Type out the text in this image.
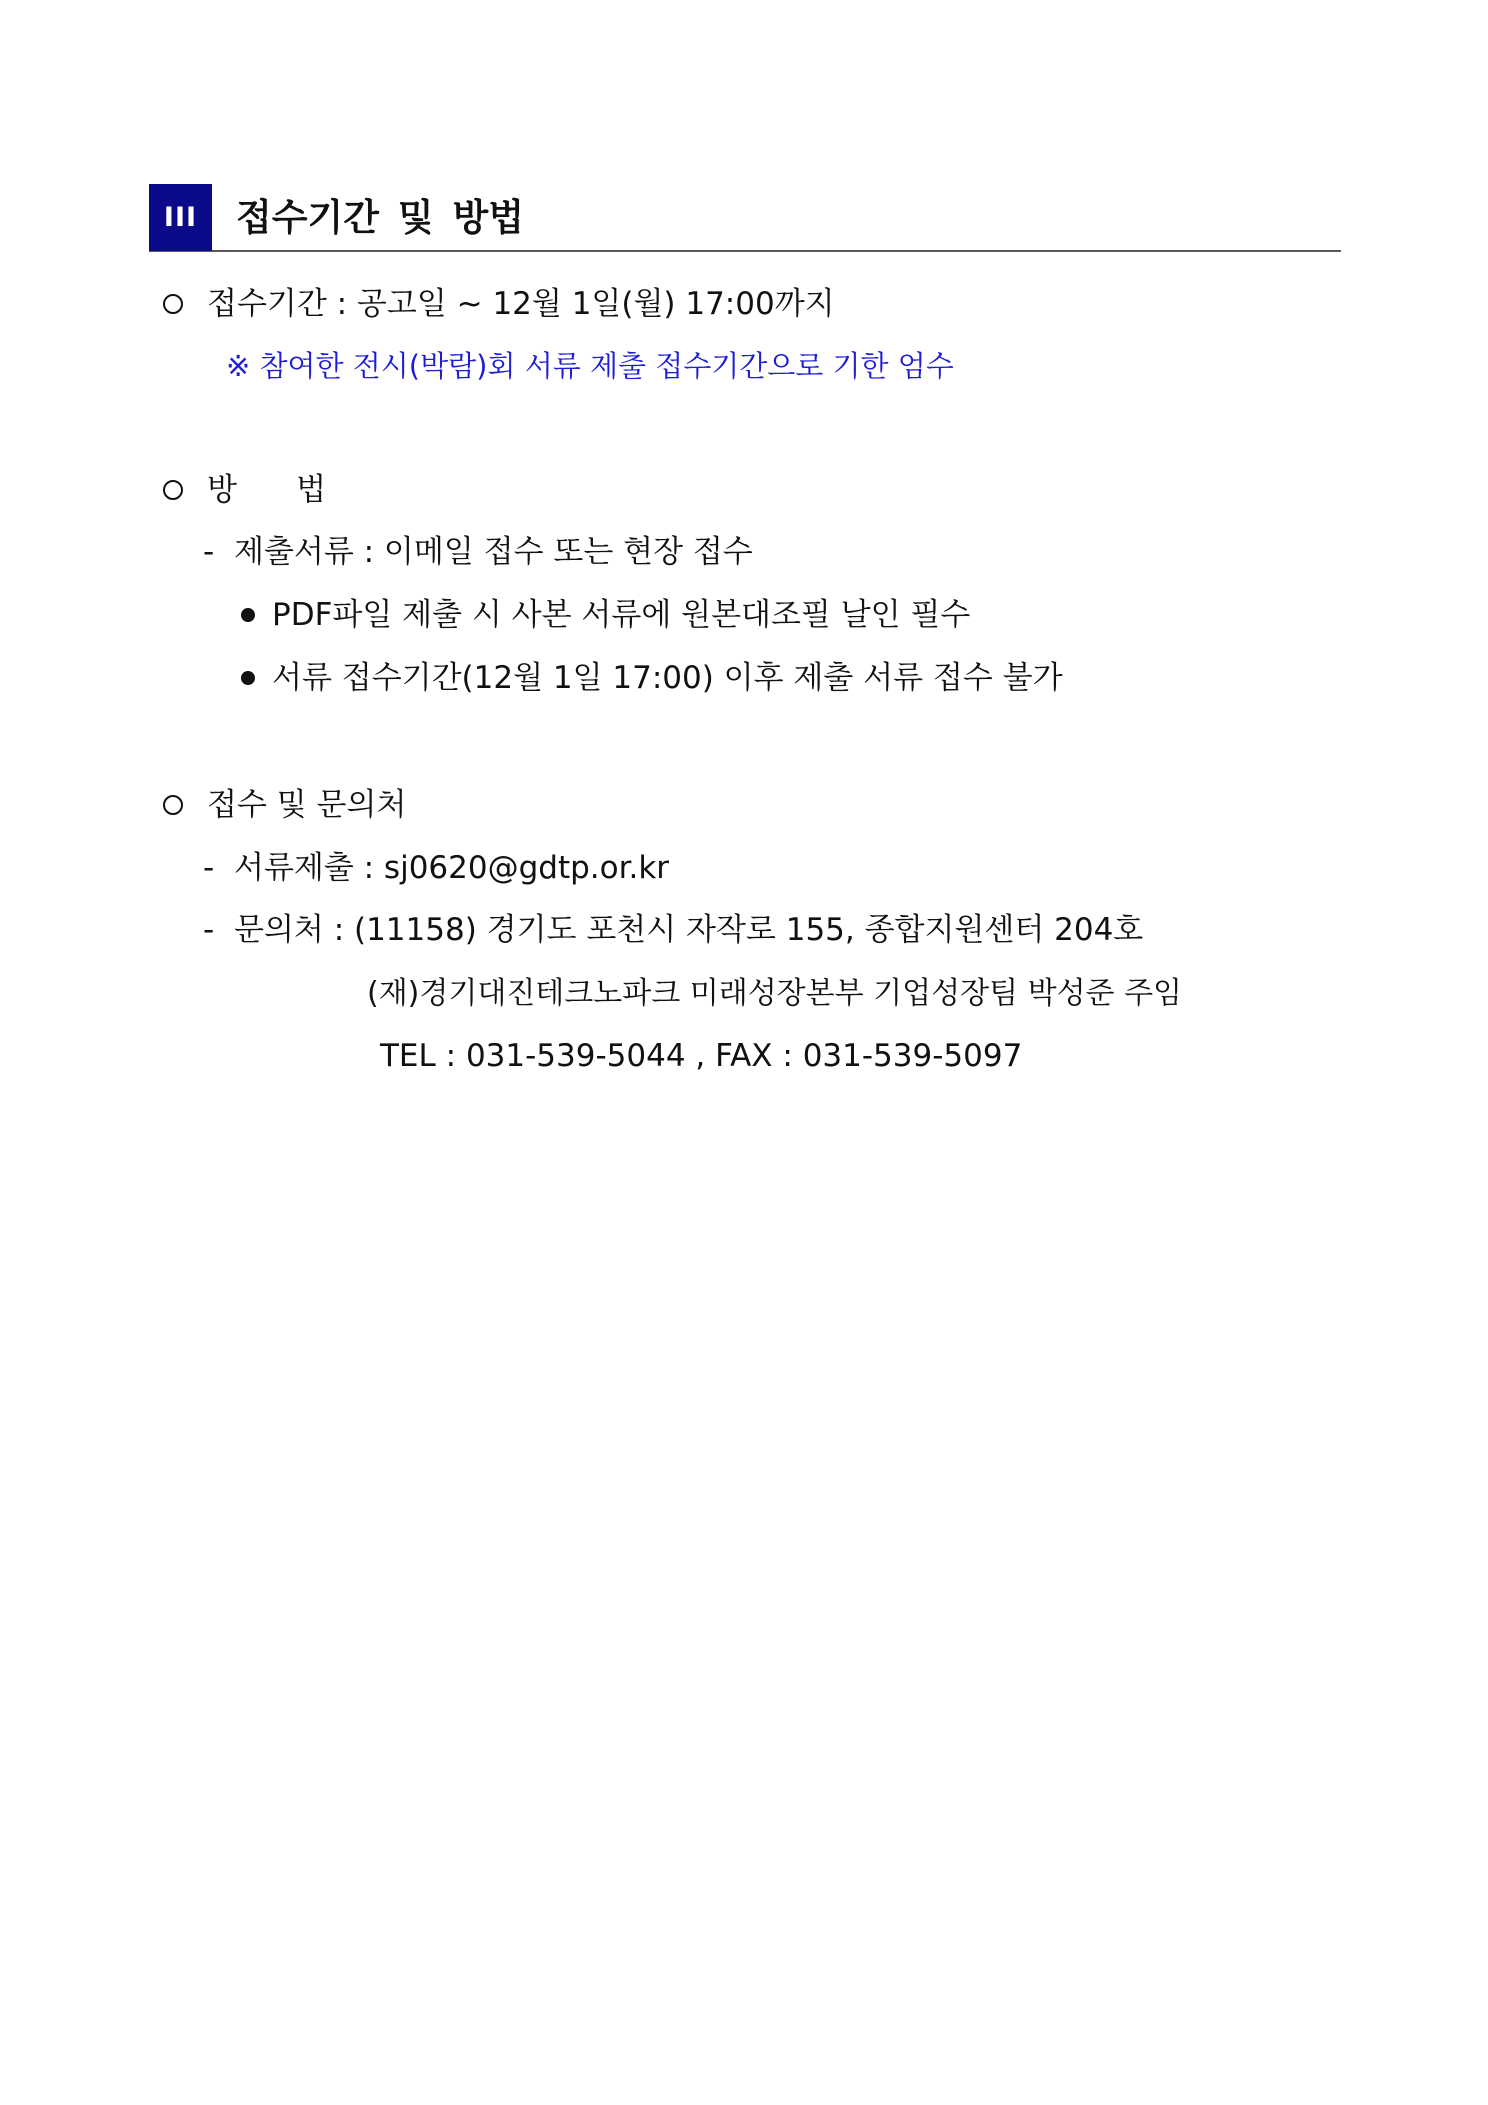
III	접수기간 및 방법
접수기간 : 공고일 ~ 12월 1일(월) 17:00까지
※ 참여한 전시(박람)회 서류 제출 접수기간으로 기한 엄수
방      법
- 제출서류 : 이메일 접수 또는 현장 접수
PDF파일 제출 시 사본 서류에 원본대조필 날인 필수
서류 접수기간(12월 1일 17:00) 이후 제출 서류 접수 불가
접수 및 문의처
- 서류제출 : sj0620@gdtp.or.kr
- 문의처 : (11158) 경기도 포천시 자작로 155, 종합지원센터 204호
(재)경기대진테크노파크 미래성장본부 기업성장팀 박성준 주임
TEL : 031-539-5044 , FAX : 031-539-5097
